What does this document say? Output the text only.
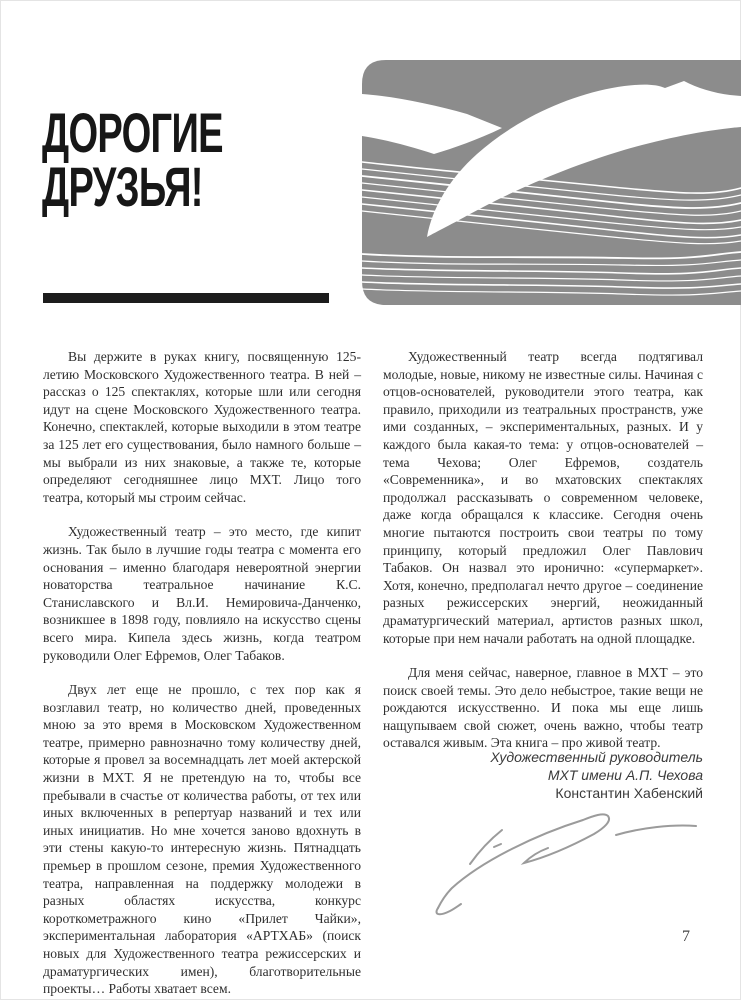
ДОРОГИЕ
ДРУЗЬЯ!

Вы держите в руках книгу, посвященную 125-летию Московского Художественного театра. В ней – рассказ о 125 спектаклях, которые шли или сегодня идут на сцене Московского Художественного театра. Конечно, спектаклей, которые выходили в этом театре за 125 лет его существования, было намного больше – мы выбрали из них знаковые, а также те, которые определяют сегодняшнее лицо МХТ. Лицо того театра, который мы строим сейчас.

Художественный театр – это место, где кипит жизнь. Так было в лучшие годы театра с момента его основания – именно благодаря невероятной энергии новаторства театральное начинание К.С. Станиславского и Вл.И. Немировича-Данченко, возникшее в 1898 году, повлияло на искусство сцены всего мира. Кипела здесь жизнь, когда театром руководили Олег Ефремов, Олег Табаков.

Двух лет еще не прошло, с тех пор как я возглавил театр, но количество дней, проведенных мною за это время в Московском Художественном театре, примерно равнозначно тому количеству дней, которые я провел за восемнадцать лет моей актерской жизни в МХТ. Я не претендую на то, чтобы все пребывали в счастье от количества работы, от тех или иных включенных в репертуар названий и тех или иных инициатив. Но мне хочется заново вдохнуть в эти стены какую-то интересную жизнь. Пятнадцать премьер в прошлом сезоне, премия Художественного театра, направленная на поддержку молодежи в разных областях искусства, конкурс короткометражного кино «Прилет Чайки», экспериментальная лаборатория «АРТХАБ» (поиск новых для Художественного театра режиссерских и драматургических имен), благотворительные проекты… Работы хватает всем.

Художественный театр всегда подтягивал молодые, новые, никому не известные силы. Начиная с отцов-основателей, руководители этого театра, как правило, приходили из театральных пространств, уже ими созданных, – экспериментальных, разных. И у каждого была какая-то тема: у отцов-основателей – тема Чехова; Олег Ефремов, создатель «Современника», и во мхатовских спектаклях продолжал рассказывать о современном человеке, даже когда обращался к классике. Сегодня очень многие пытаются построить свои театры по тому принципу, который предложил Олег Павлович Табаков. Он назвал это иронично: «супермаркет». Хотя, конечно, предполагал нечто другое – соединение разных режиссерских энергий, неожиданный драматургический материал, артистов разных школ, которые при нем начали работать на одной площадке.

Для меня сейчас, наверное, главное в МХТ – это поиск своей темы. Это дело небыстрое, такие вещи не рождаются искусственно. И пока мы еще лишь нащупываем свой сюжет, очень важно, чтобы театр оставался живым. Эта книга – про живой театр.

Художественный руководитель
МХТ имени А.П. Чехова
Константин Хабенский
7
